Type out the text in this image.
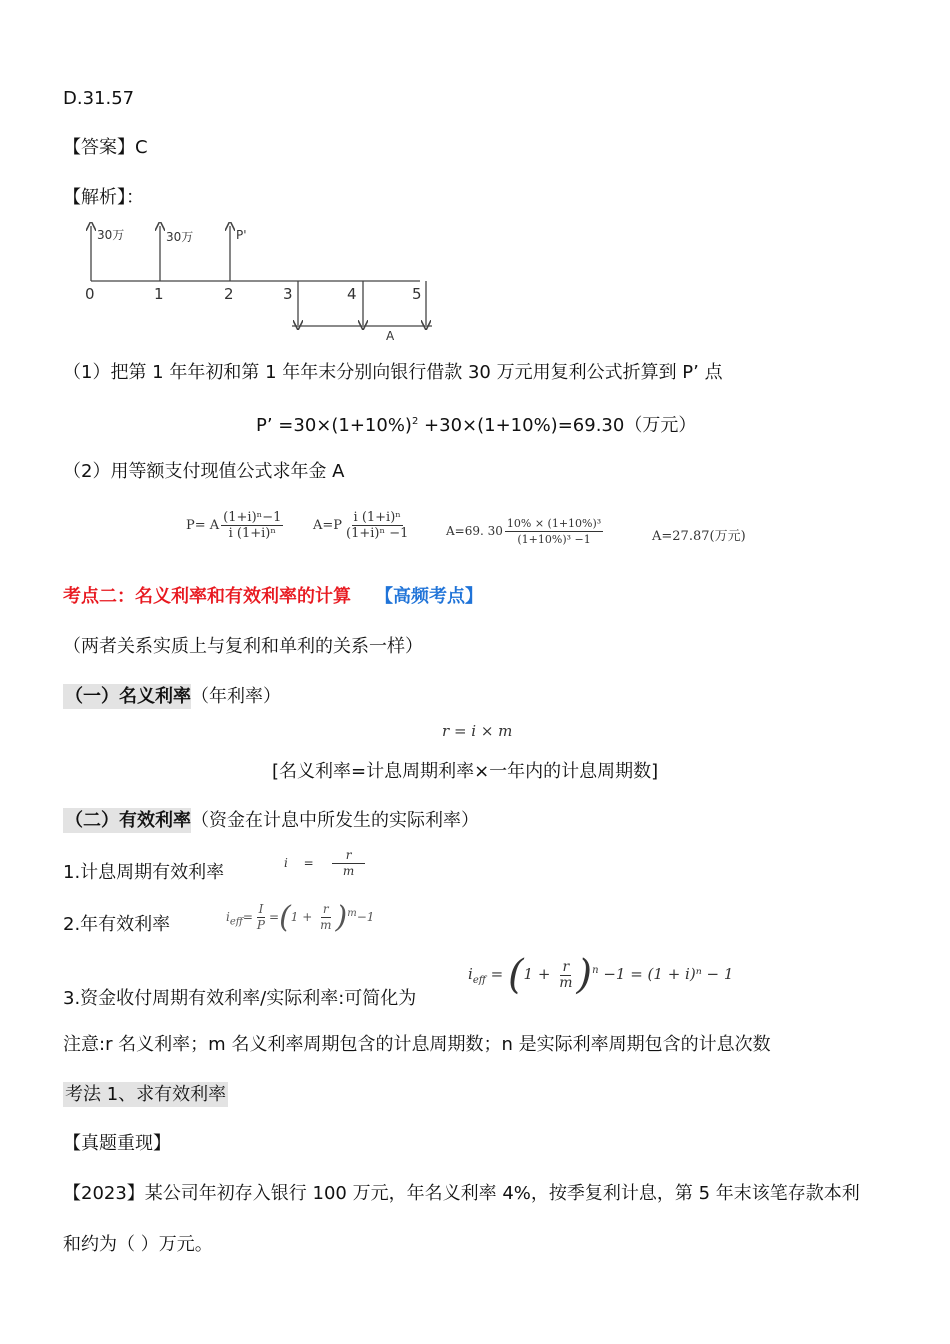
D.31.57
【答案】C
【解析】：
30万	30万	P'
0	1	2	3	4	5
A
（1）把第 1 年年初和第 1 年年末分别向银行借款 30 万元用复利公式折算到 P’ 点
P’ $=30\times(1+10\%)^2 +30\times(1+10\%)=69.30$（万元）
（2）用等额支付现值公式求年金 A
P= A $\frac{\text{(1+i)ⁿ−1}}{\text{i (1+i)ⁿ}} A=P \frac{\text{i (1+i)ⁿ}}{\text{(1+i)ⁿ −1}}$	A=69. $30 \frac{\text{10\% × (1+10\%)³}}{\text{(1+10\%)³ −1}}$	A=27.87(万元)
考点二：名义利率和有效利率的计算 【高频考点】
（两者关系实质上与复利和单利的关系一样）
（一）名义利率（年利率）
r = i × m
[名义利率=计息周期利率×一年内的计息周期数]
（二）有效利率（资金在计息中所发生的实际利率）
1.计息周期有效利率	$i = \frac{r}{m}$
2.年有效利率	$i_{eff}= \frac{I}{P} =(1 + \frac{r}{m} )^m-1$
3.资金收付周期有效利率/实际利率:可简化为
$i_{eff} = (1 + \frac{r}{m} )^n -1 = (1 + i)^n - 1$
注意:r 名义利率；m 名义利率周期包含的计息周期数；n 是实际利率周期包含的计息次数
考法 1、求有效利率
【真题重现】
【2023】某公司年初存入银行 100 万元，年名义利率 4%，按季复利计息，第 5 年末该笔存款本利
和约为（ ）万元。
